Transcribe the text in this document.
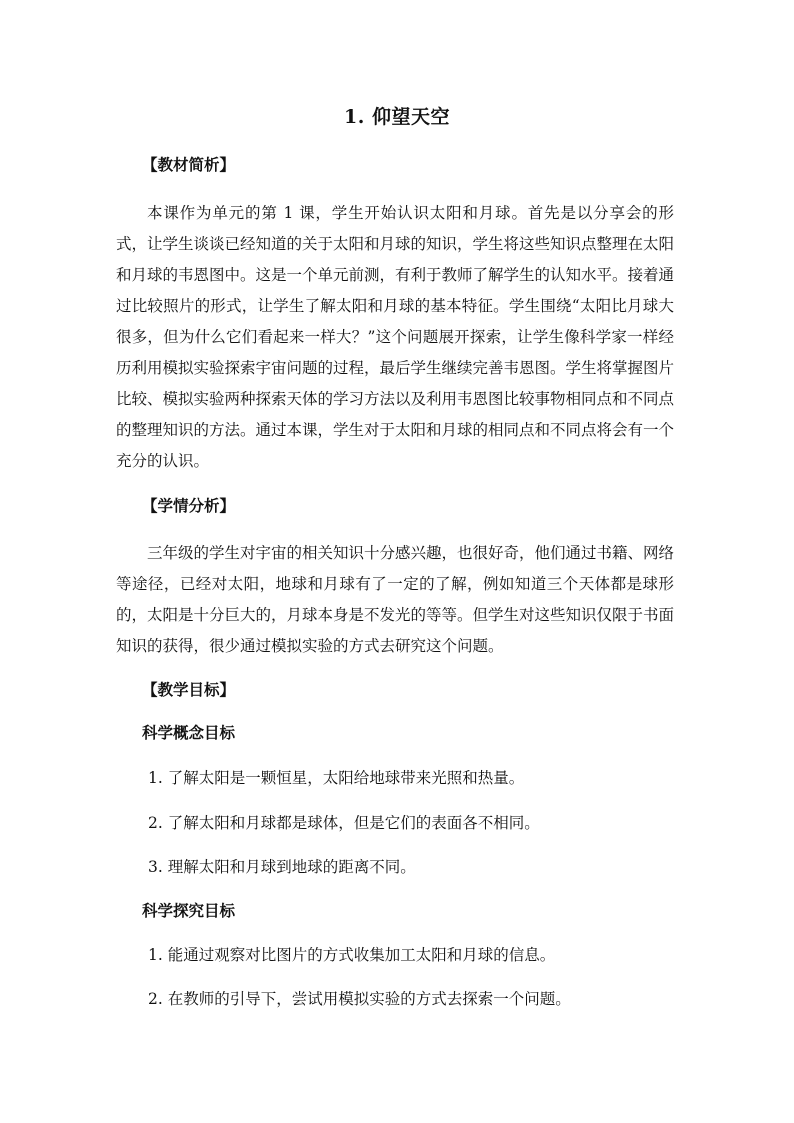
1. 仰望天空
【教材简析】

本课作为单元的第 1 课，学生开始认识太阳和月球。首先是以分享会的形式，让学生谈谈已经知道的关于太阳和月球的知识，学生将这些知识点整理在太阳和月球的韦恩图中。这是一个单元前测，有利于教师了解学生的认知水平。接着通过比较照片的形式，让学生了解太阳和月球的基本特征。学生围绕“太阳比月球大很多，但为什么它们看起来一样大？”这个问题展开探索，让学生像科学家一样经历利用模拟实验探索宇宙问题的过程，最后学生继续完善韦恩图。学生将掌握图片比较、模拟实验两种探索天体的学习方法以及利用韦恩图比较事物相同点和不同点的整理知识的方法。通过本课，学生对于太阳和月球的相同点和不同点将会有一个充分的认识。

【学情分析】

三年级的学生对宇宙的相关知识十分感兴趣，也很好奇，他们通过书籍、网络等途径，已经对太阳，地球和月球有了一定的了解，例如知道三个天体都是球形的，太阳是十分巨大的，月球本身是不发光的等等。但学生对这些知识仅限于书面知识的获得，很少通过模拟实验的方式去研究这个问题。

【教学目标】
科学概念目标
1. 了解太阳是一颗恒星，太阳给地球带来光照和热量。
2. 了解太阳和月球都是球体，但是它们的表面各不相同。
3. 理解太阳和月球到地球的距离不同。
科学探究目标
1. 能通过观察对比图片的方式收集加工太阳和月球的信息。
2. 在教师的引导下，尝试用模拟实验的方式去探索一个问题。
